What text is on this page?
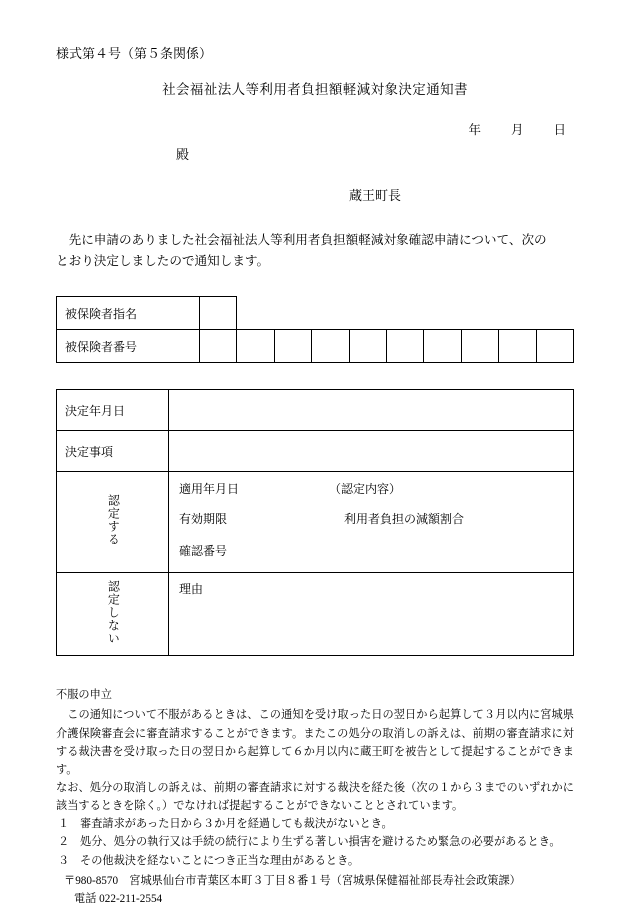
様式第４号（第５条関係）
社会福祉法人等利用者負担額軽減対象決定通知書
年 月 日
殿
蔵王町長
先に申請のありました社会福祉法人等利用者負担額軽減対象確認申請について、次の
とおり決定しましたので通知します。
被保険者指名										
被保険者番号										
決定年月日	
決定事項	
認定する	適用年月日 （認定内容）
有効期限 利用者負担の減額割合
確認番号

認定しない	理由
不服の申立

この通知について不服があるときは、この通知を受け取った日の翌日から起算して３月以内に宮城県介護保険審査会に審査請求することができます。またこの処分の取消しの訴えは、前期の審査請求に対する裁決書を受け取った日の翌日から起算して６か月以内に蔵王町を被告として提起することができます。

なお、処分の取消しの訴えは、前期の審査請求に対する裁決を経た後（次の１から３までのいずれかに該当するときを除く。）でなければ提起することができないこととされています。

１ 審査請求があった日から３か月を経過しても裁決がないとき。
２ 処分、処分の執行又は手続の続行により生ずる著しい損害を避けるため緊急の必要があるとき。
３ その他裁決を経ないことにつき正当な理由があるとき。
〒980-8570　宮城県仙台市青葉区本町３丁目８番１号（宮城県保健福祉部長寿社会政策課）
電話 022-211-2554
